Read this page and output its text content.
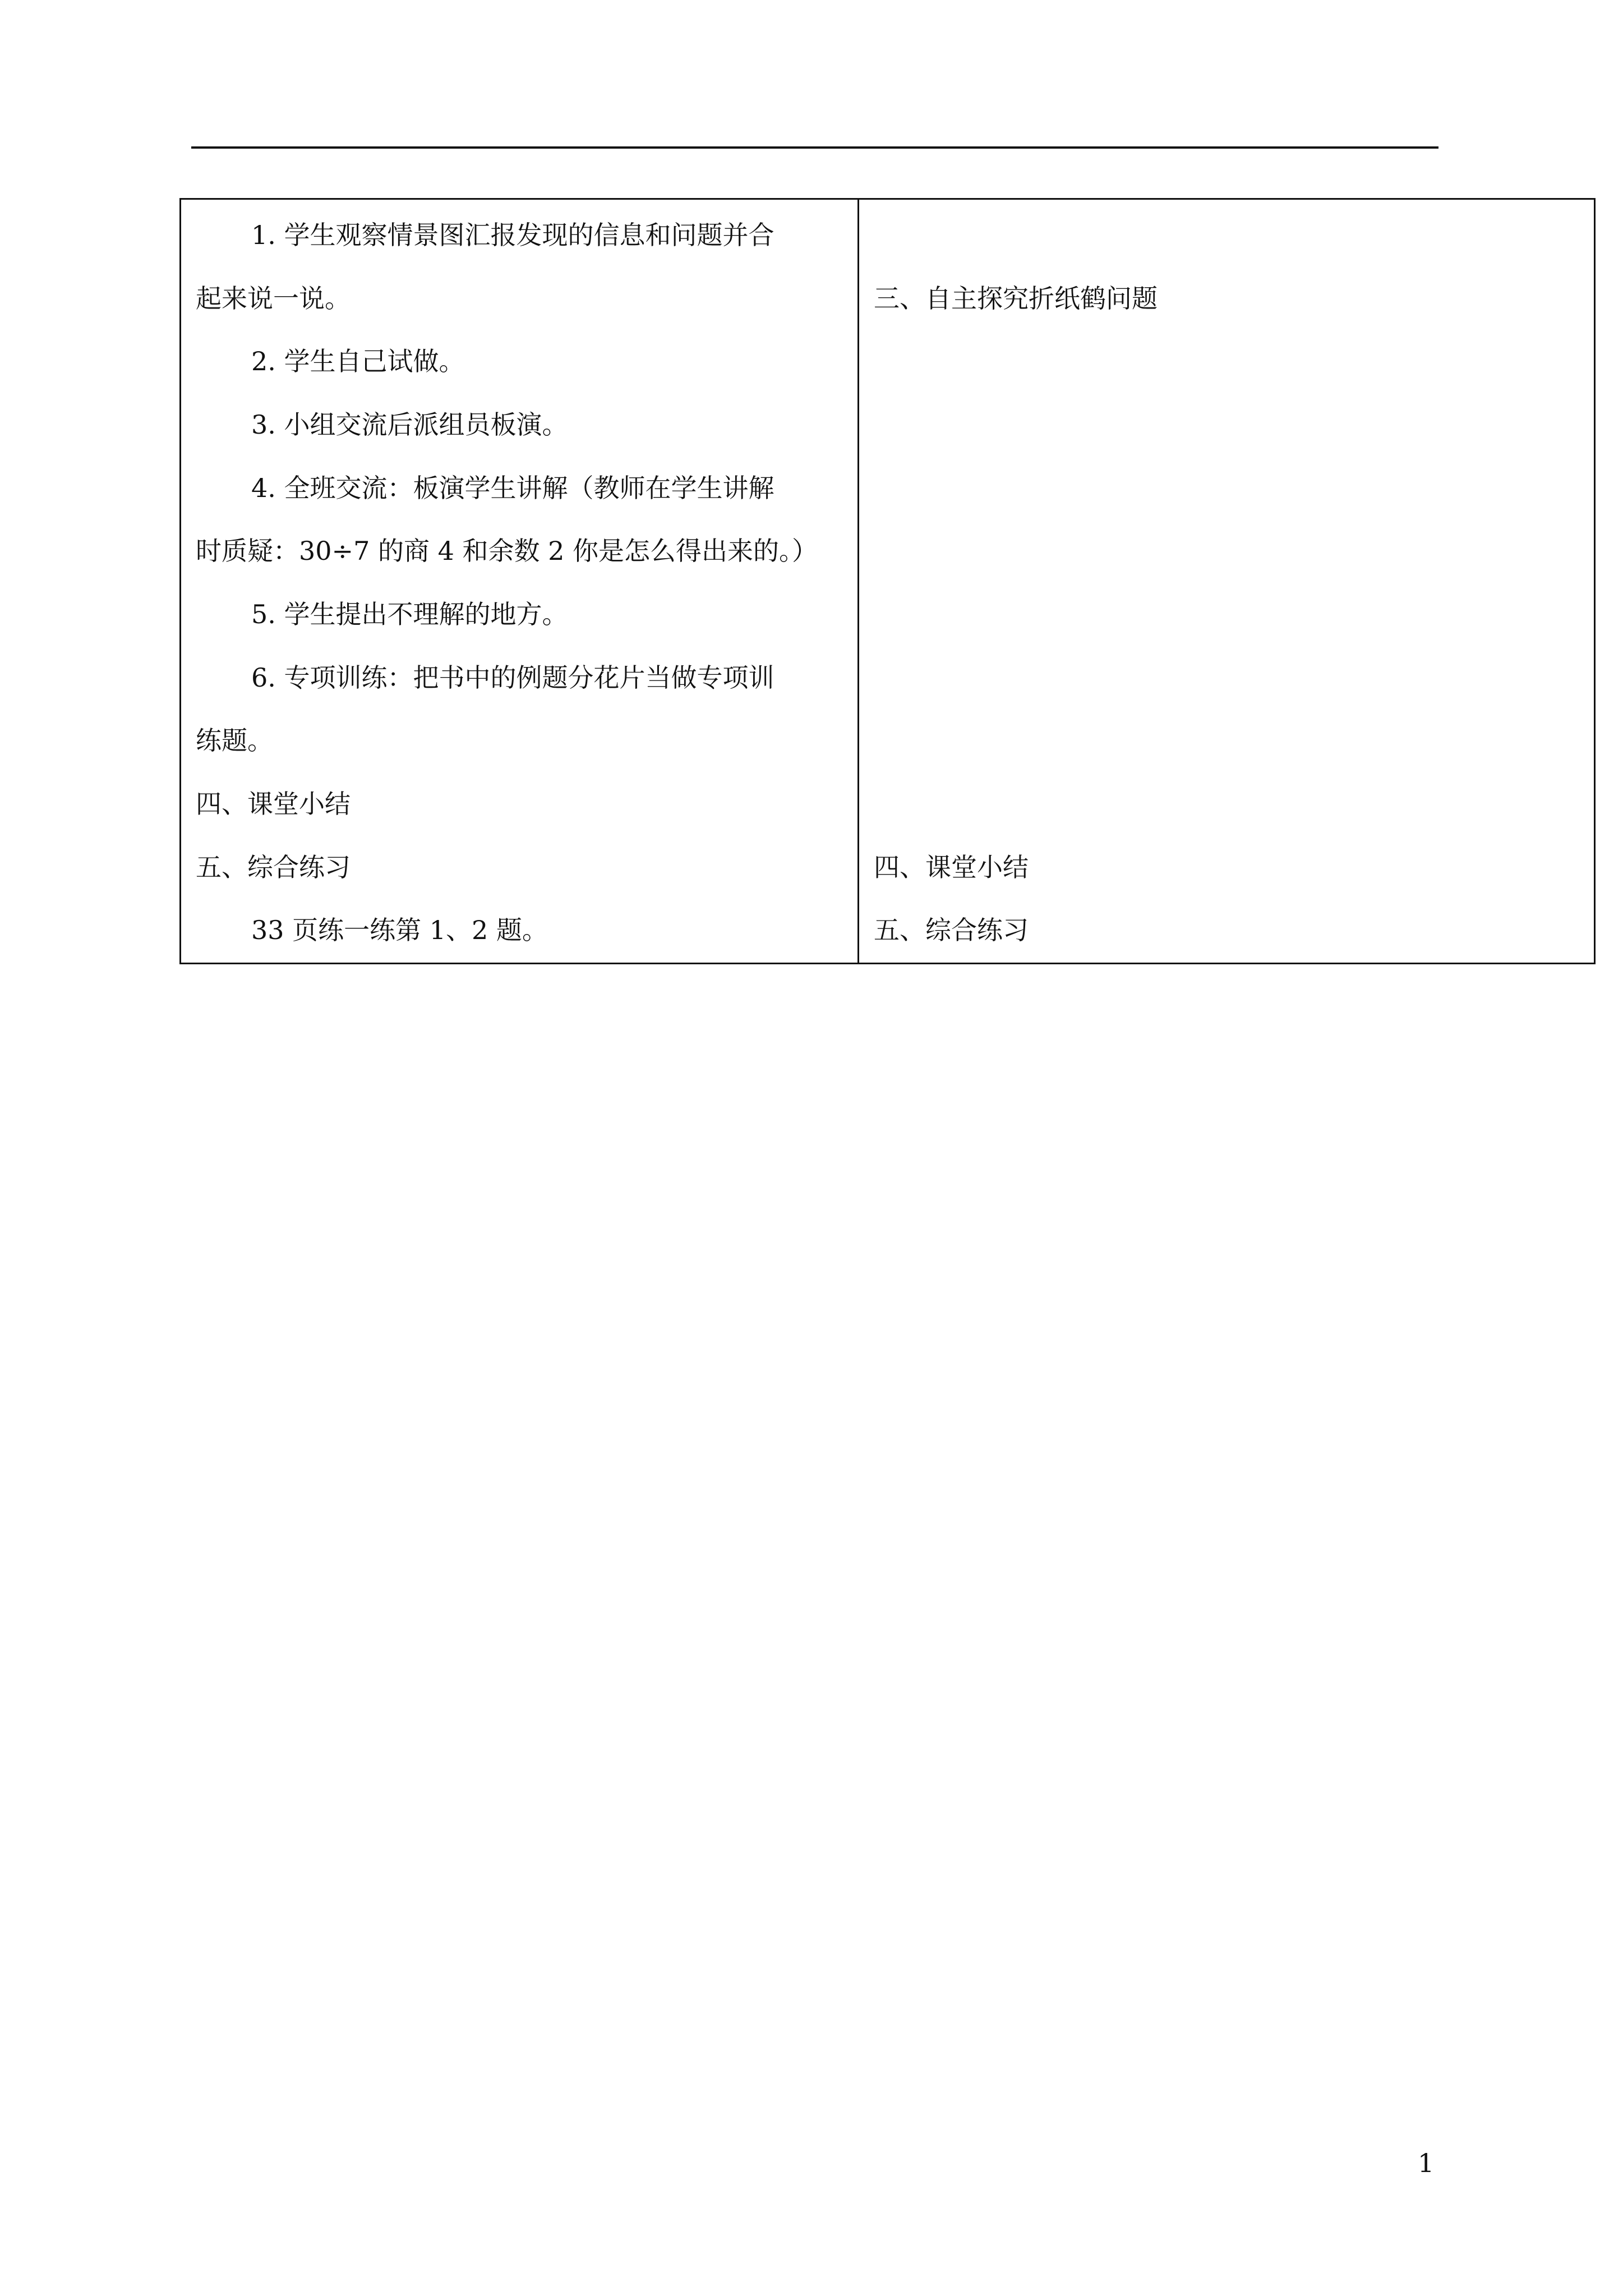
1. 学生观察情景图汇报发现的信息和问题并合
起来说一说。
2. 学生自己试做。
3. 小组交流后派组员板演。
4. 全班交流：板演学生讲解（教师在学生讲解
时质疑：30÷7 的商 4 和余数 2 你是怎么得出来的。）
5. 学生提出不理解的地方。
6. 专项训练：把书中的例题分花片当做专项训
练题。
四、课堂小结
五、综合练习
33 页练一练第 1、2 题。
三、自主探究折纸鹤问题
四、课堂小结
五、综合练习
1
